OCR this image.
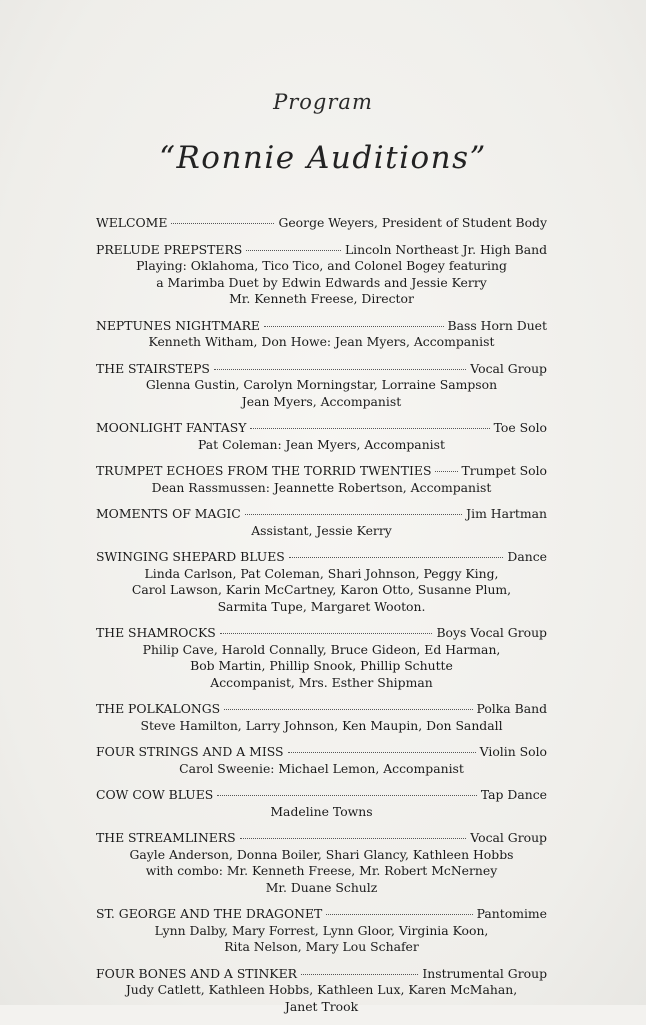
Program
“Ronnie Auditions”
WELCOME	George Weyers, President of Student Body
PRELUDE PREPSTERS	Lincoln Northeast Jr. High Band
Playing: Oklahoma, Tico Tico, and Colonel Bogey featuring
a Marimba Duet by Edwin Edwards and Jessie Kerry
Mr. Kenneth Freese, Director
NEPTUNES NIGHTMARE	Bass Horn Duet
Kenneth Witham, Don Howe: Jean Myers, Accompanist
THE STAIRSTEPS	Vocal Group
Glenna Gustin, Carolyn Morningstar, Lorraine Sampson
Jean Myers, Accompanist
MOONLIGHT FANTASY	Toe Solo
Pat Coleman: Jean Myers, Accompanist
TRUMPET ECHOES FROM THE TORRID TWENTIES Trumpet Solo
Dean Rassmussen: Jeannette Robertson, Accompanist
MOMENTS OF MAGIC	Jim Hartman
Assistant, Jessie Kerry
SWINGING SHEPARD BLUES	Dance
Linda Carlson, Pat Coleman, Shari Johnson, Peggy King,
Carol Lawson, Karin McCartney, Karon Otto, Susanne Plum,
Sarmita Tupe, Margaret Wooton.
THE SHAMROCKS	Boys Vocal Group
Philip Cave, Harold Connally, Bruce Gideon, Ed Harman,
Bob Martin, Phillip Snook, Phillip Schutte
Accompanist, Mrs. Esther Shipman
THE POLKALONGS	Polka Band
Steve Hamilton, Larry Johnson, Ken Maupin, Don Sandall
FOUR STRINGS AND A MISS	Violin Solo
Carol Sweenie: Michael Lemon, Accompanist
COW COW BLUES	Tap Dance
Madeline Towns
THE STREAMLINERS	Vocal Group
Gayle Anderson, Donna Boiler, Shari Glancy, Kathleen Hobbs
with combo: Mr. Kenneth Freese, Mr. Robert McNerney
Mr. Duane Schulz
ST. GEORGE AND THE DRAGONET	Pantomime
Lynn Dalby, Mary Forrest, Lynn Gloor, Virginia Koon,
Rita Nelson, Mary Lou Schafer
FOUR BONES AND A STINKER	Instrumental Group
Judy Catlett, Kathleen Hobbs, Kathleen Lux, Karen McMahan,
Janet Trook
